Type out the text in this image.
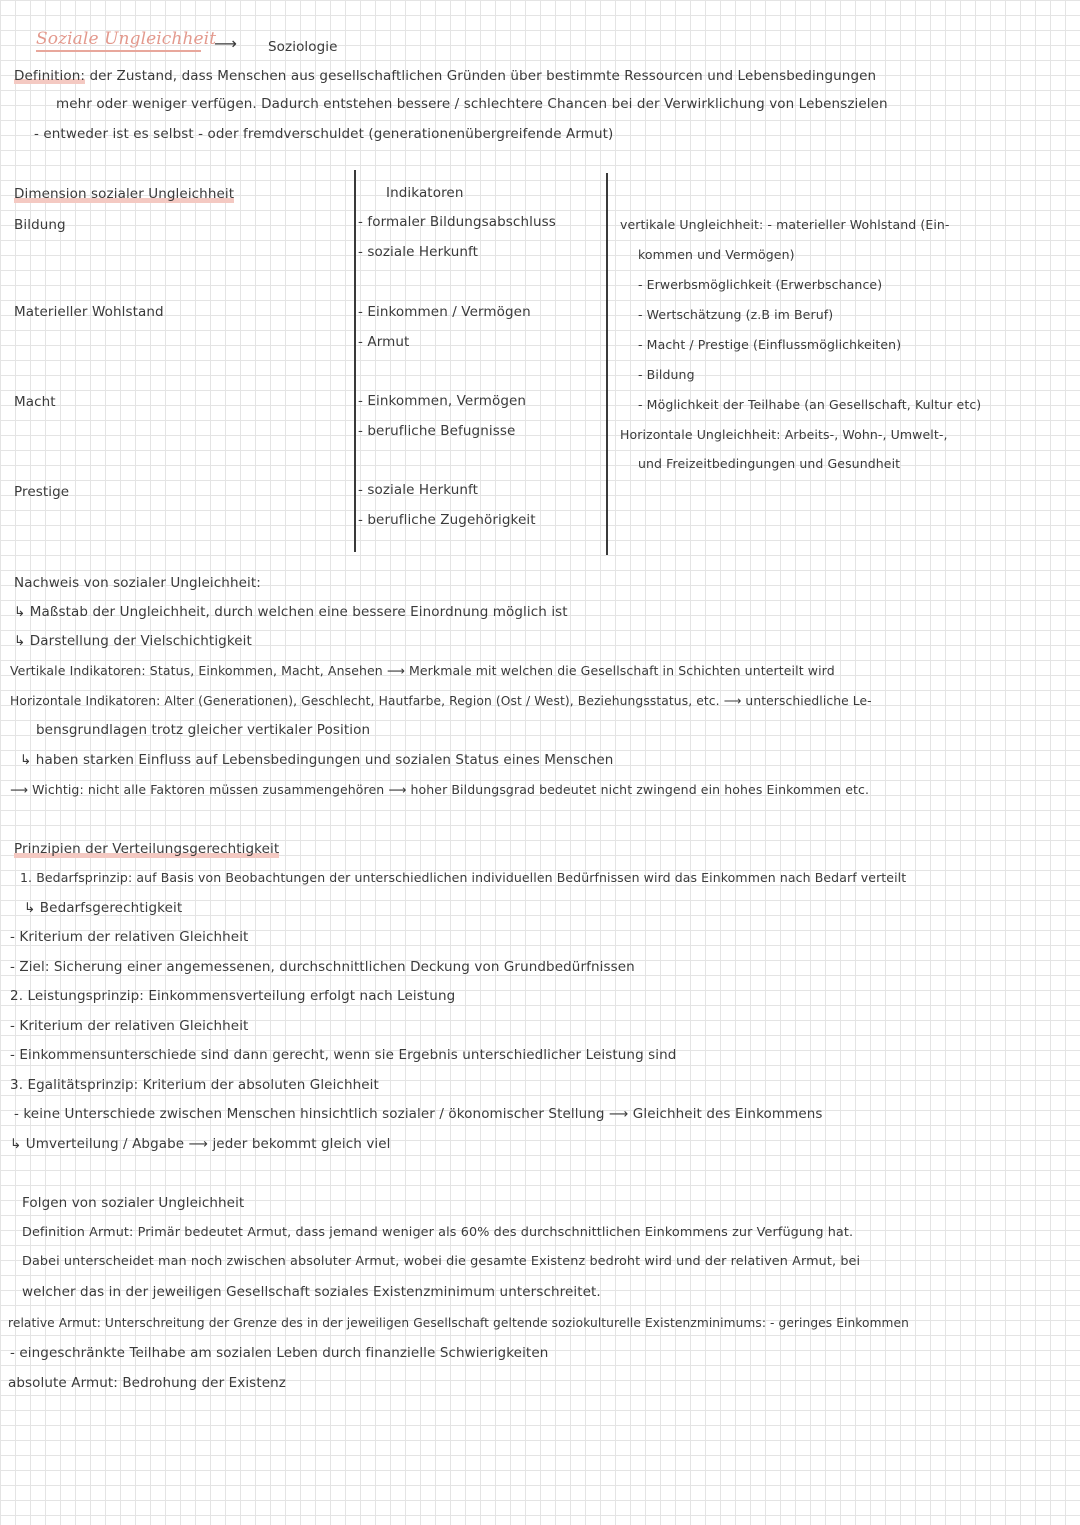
Soziale Ungleichheit
⟶ Soziologie
Definition: der Zustand, dass Menschen aus gesellschaftlichen Gründen über bestimmte Ressourcen und Lebensbedingungen
mehr oder weniger verfügen. Dadurch entstehen bessere / schlechtere Chancen bei der Verwirklichung von Lebenszielen
- entweder ist es selbst - oder fremdverschuldet (generationenübergreifende Armut)
Dimension sozialer Ungleichheit	Indikatoren
Bildung	- formaler Bildungsabschluss
- soziale Herkunft
Materieller Wohlstand	- Einkommen / Vermögen
- Armut
Macht	- Einkommen, Vermögen
- berufliche Befugnisse
Prestige	- soziale Herkunft
- berufliche Zugehörigkeit
vertikale Ungleichheit: - materieller Wohlstand (Ein-
kommen und Vermögen)
- Erwerbsmöglichkeit (Erwerbschance)
- Wertschätzung (z.B im Beruf)
- Macht / Prestige (Einflussmöglichkeiten)
- Bildung
- Möglichkeit der Teilhabe (an Gesellschaft, Kultur etc)
Horizontale Ungleichheit: Arbeits-, Wohn-, Umwelt-,
und Freizeitbedingungen und Gesundheit
Nachweis von sozialer Ungleichheit:
↳ Maßstab der Ungleichheit, durch welchen eine bessere Einordnung möglich ist
↳ Darstellung der Vielschichtigkeit
Vertikale Indikatoren: Status, Einkommen, Macht, Ansehen ⟶ Merkmale mit welchen die Gesellschaft in Schichten unterteilt wird
Horizontale Indikatoren: Alter (Generationen), Geschlecht, Hautfarbe, Region (Ost / West), Beziehungsstatus, etc. ⟶ unterschiedliche Le-
bensgrundlagen trotz gleicher vertikaler Position
↳ haben starken Einfluss auf Lebensbedingungen und sozialen Status eines Menschen
⟶ Wichtig: nicht alle Faktoren müssen zusammengehören ⟶ hoher Bildungsgrad bedeutet nicht zwingend ein hohes Einkommen etc.
Prinzipien der Verteilungsgerechtigkeit
1. Bedarfsprinzip: auf Basis von Beobachtungen der unterschiedlichen individuellen Bedürfnissen wird das Einkommen nach Bedarf verteilt
↳ Bedarfsgerechtigkeit
- Kriterium der relativen Gleichheit
- Ziel: Sicherung einer angemessenen, durchschnittlichen Deckung von Grundbedürfnissen
2. Leistungsprinzip: Einkommensverteilung erfolgt nach Leistung
- Kriterium der relativen Gleichheit
- Einkommensunterschiede sind dann gerecht, wenn sie Ergebnis unterschiedlicher Leistung sind
3. Egalitätsprinzip: Kriterium der absoluten Gleichheit
- keine Unterschiede zwischen Menschen hinsichtlich sozialer / ökonomischer Stellung ⟶ Gleichheit des Einkommens
↳ Umverteilung / Abgabe ⟶ jeder bekommt gleich viel
Folgen von sozialer Ungleichheit
Definition Armut: Primär bedeutet Armut, dass jemand weniger als 60% des durchschnittlichen Einkommens zur Verfügung hat.
Dabei unterscheidet man noch zwischen absoluter Armut, wobei die gesamte Existenz bedroht wird und der relativen Armut, bei
welcher das in der jeweiligen Gesellschaft soziales Existenzminimum unterschreitet.
relative Armut: Unterschreitung der Grenze des in der jeweiligen Gesellschaft geltende soziokulturelle Existenzminimums: - geringes Einkommen
- eingeschränkte Teilhabe am sozialen Leben durch finanzielle Schwierigkeiten
absolute Armut: Bedrohung der Existenz
